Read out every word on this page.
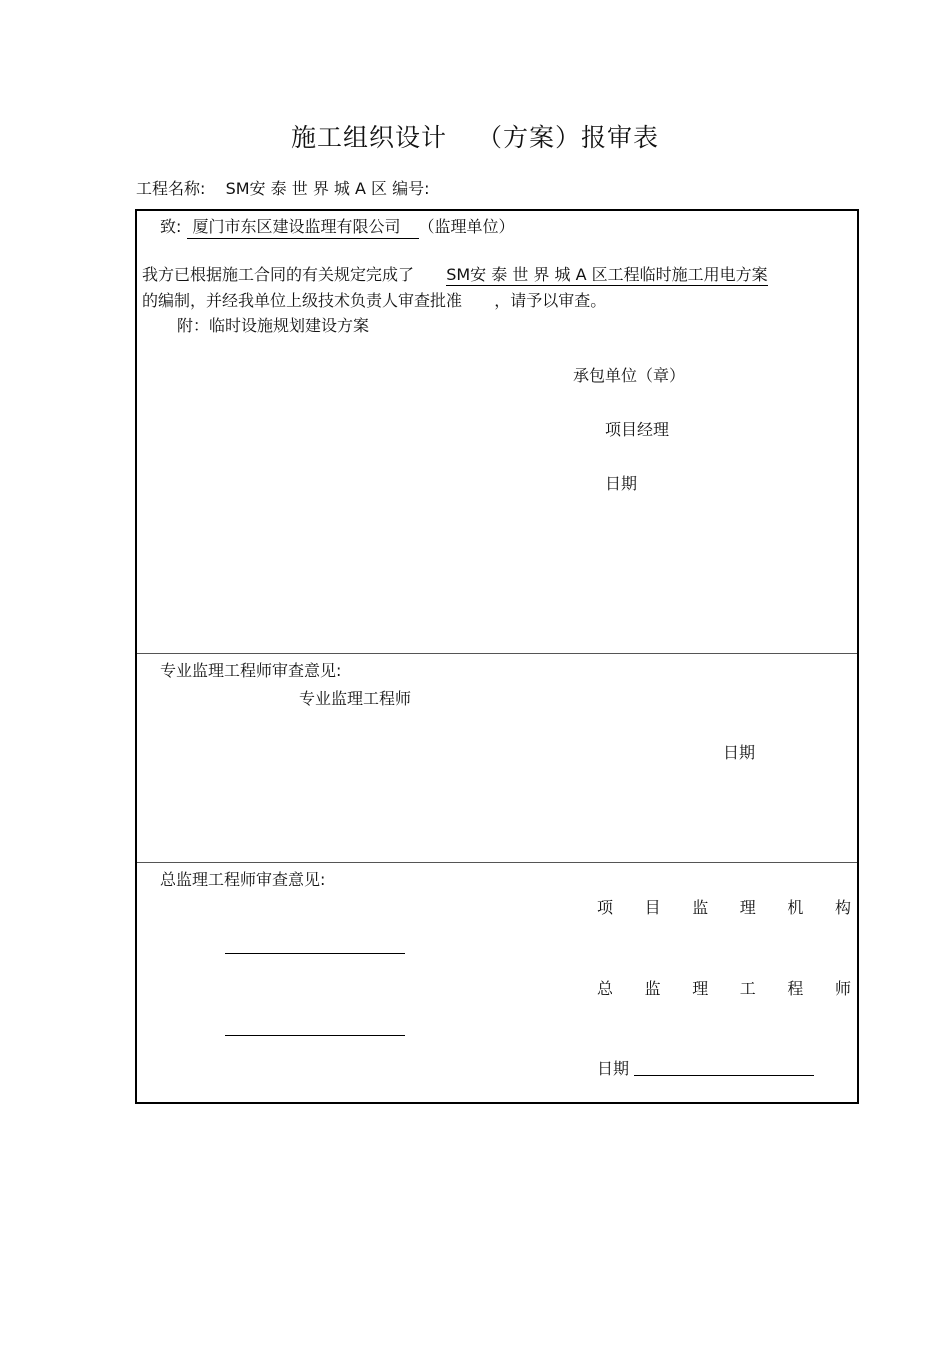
施工组织设计 （方案）报审表
工程名称: SM安 泰 世 界 城 A 区 编号:
致: 厦门市东区建设监理有限公司 （监理单位）
我方已根据施工合同的有关规定完成了 SM安 泰 世 界 城 A 区工程临时施工用电方案
的编制，并经我单位上级技术负责人审查批准 ，请予以审查。
附：临时设施规划建设方案
承包单位（章）
项目经理
日期
专业监理工程师审查意见:
专业监理工程师
日期
总监理工程师审查意见:
项 目 监 理 机 构
总 监 理 工 程 师
日期
